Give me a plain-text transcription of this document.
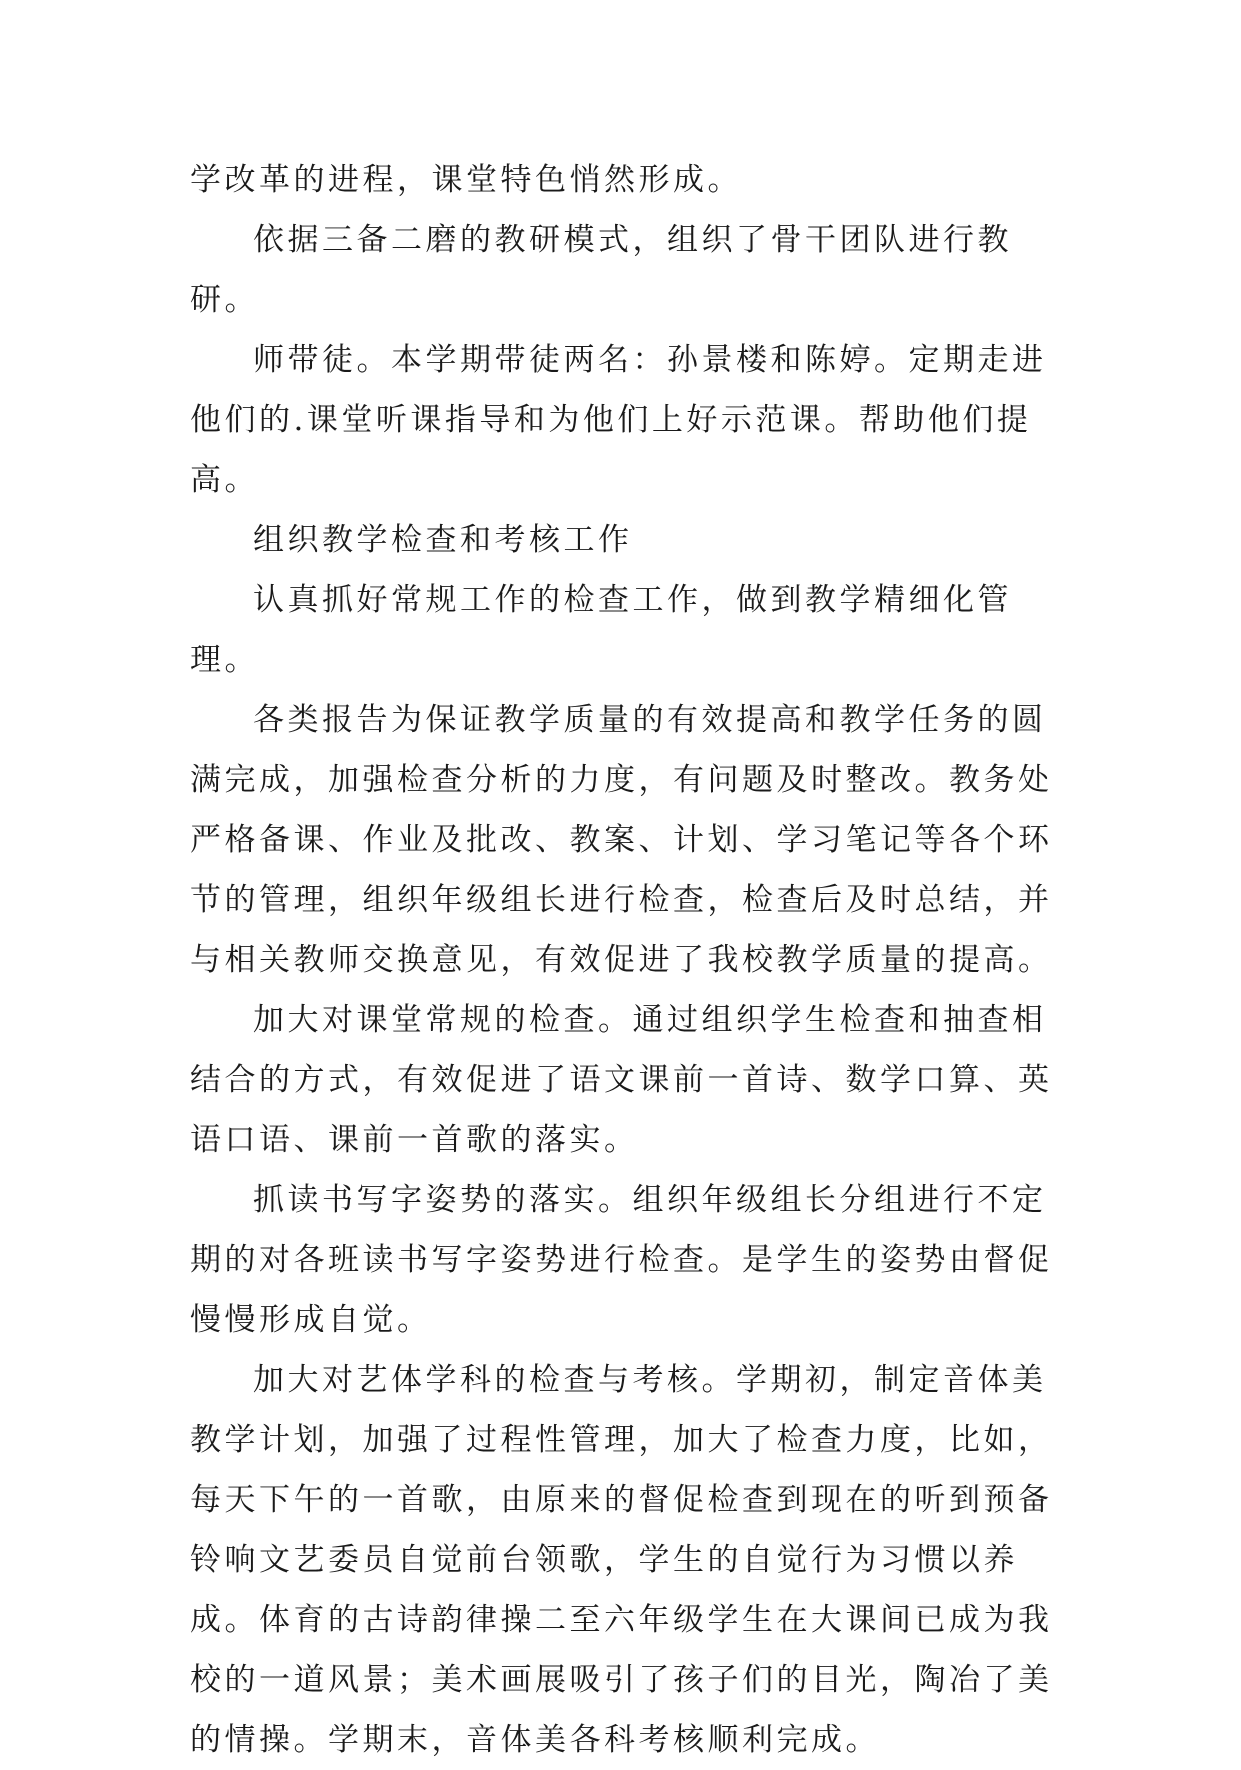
学改革的进程，课堂特色悄然形成。

依据三备二磨的教研模式，组织了骨干团队进行教研。

师带徒。本学期带徒两名：孙景楼和陈婷。定期走进他们的.课堂听课指导和为他们上好示范课。帮助他们提高。

组织教学检查和考核工作

认真抓好常规工作的检查工作，做到教学精细化管理。

各类报告为保证教学质量的有效提高和教学任务的圆满完成，加强检查分析的力度，有问题及时整改。教务处严格备课、作业及批改、教案、计划、学习笔记等各个环节的管理，组织年级组长进行检查，检查后及时总结，并与相关教师交换意见，有效促进了我校教学质量的提高。

加大对课堂常规的检查。通过组织学生检查和抽查相结合的方式，有效促进了语文课前一首诗、数学口算、英语口语、课前一首歌的落实。

抓读书写字姿势的落实。组织年级组长分组进行不定期的对各班读书写字姿势进行检查。是学生的姿势由督促慢慢形成自觉。

加大对艺体学科的检查与考核。学期初，制定音体美教学计划，加强了过程性管理，加大了检查力度，比如，每天下午的一首歌，由原来的督促检查到现在的听到预备铃响文艺委员自觉前台领歌，学生的自觉行为习惯以养成。体育的古诗韵律操二至六年级学生在大课间已成为我校的一道风景；美术画展吸引了孩子们的目光，陶冶了美的情操。学期末，音体美各科考核顺利完成。
